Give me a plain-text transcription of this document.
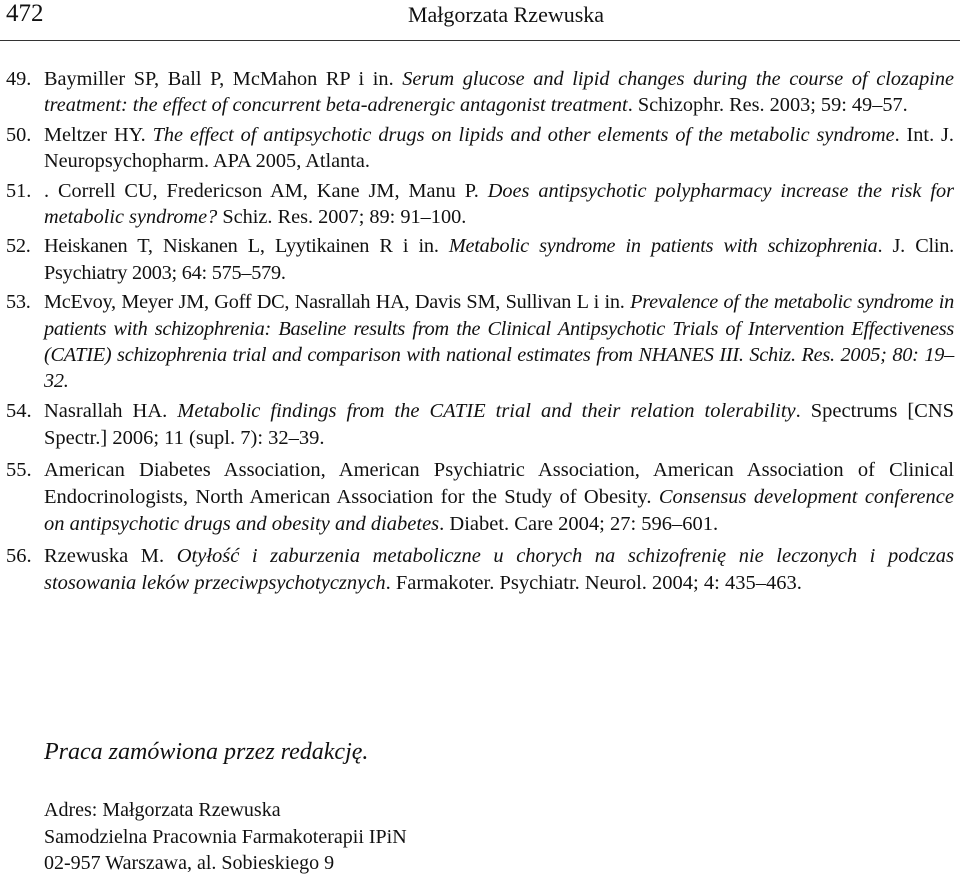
472	Małgorzata Rzewuska
49. Baymiller SP, Ball P, McMahon RP i in. Serum glucose and lipid changes during the course of clozapine treatment: the effect of concurrent beta-adrenergic antagonist treatment. Schizophr. Res. 2003; 59: 49–57.
50. Meltzer HY. The effect of antipsychotic drugs on lipids and other elements of the metabolic syndrome. Int. J. Neuropsychopharm. APA 2005, Atlanta.
51. . Correll CU, Fredericson AM, Kane JM, Manu P. Does antipsychotic polypharmacy increase the risk for metabolic syndrome? Schiz. Res. 2007; 89: 91–100.
52. Heiskanen T, Niskanen L, Lyytikainen R i in. Metabolic syndrome in patients with schizophrenia. J. Clin. Psychiatry 2003; 64: 575–579.
53. McEvoy, Meyer JM, Goff DC, Nasrallah HA, Davis SM, Sullivan L i in. Prevalence of the metabolic syndrome in patients with schizophrenia: Baseline results from the Clinical Antipsychotic Trials of Intervention Effectiveness (CATIE) schizophrenia trial and comparison with national estimates from NHANES III. Schiz. Res. 2005; 80: 19–32.
54. Nasrallah HA. Metabolic findings from the CATIE trial and their relation tolerability. Spectrums [CNS Spectr.] 2006; 11 (supl. 7): 32–39.
55. American Diabetes Association, American Psychiatric Association, American Association of Clinical Endocrinologists, North American Association for the Study of Obesity. Consensus development conference on antipsychotic drugs and obesity and diabetes. Diabet. Care 2004; 27: 596–601.
56. Rzewuska M. Otyłość i zaburzenia metaboliczne u chorych na schizofrenię nie leczonych i podczas stosowania leków przeciwpsychotycznych. Farmakoter. Psychiatr. Neurol. 2004; 4: 435–463.
Praca zamówiona przez redakcję.
Adres: Małgorzata Rzewuska
Samodzielna Pracownia Farmakoterapii IPiN
02-957 Warszawa, al. Sobieskiego 9
